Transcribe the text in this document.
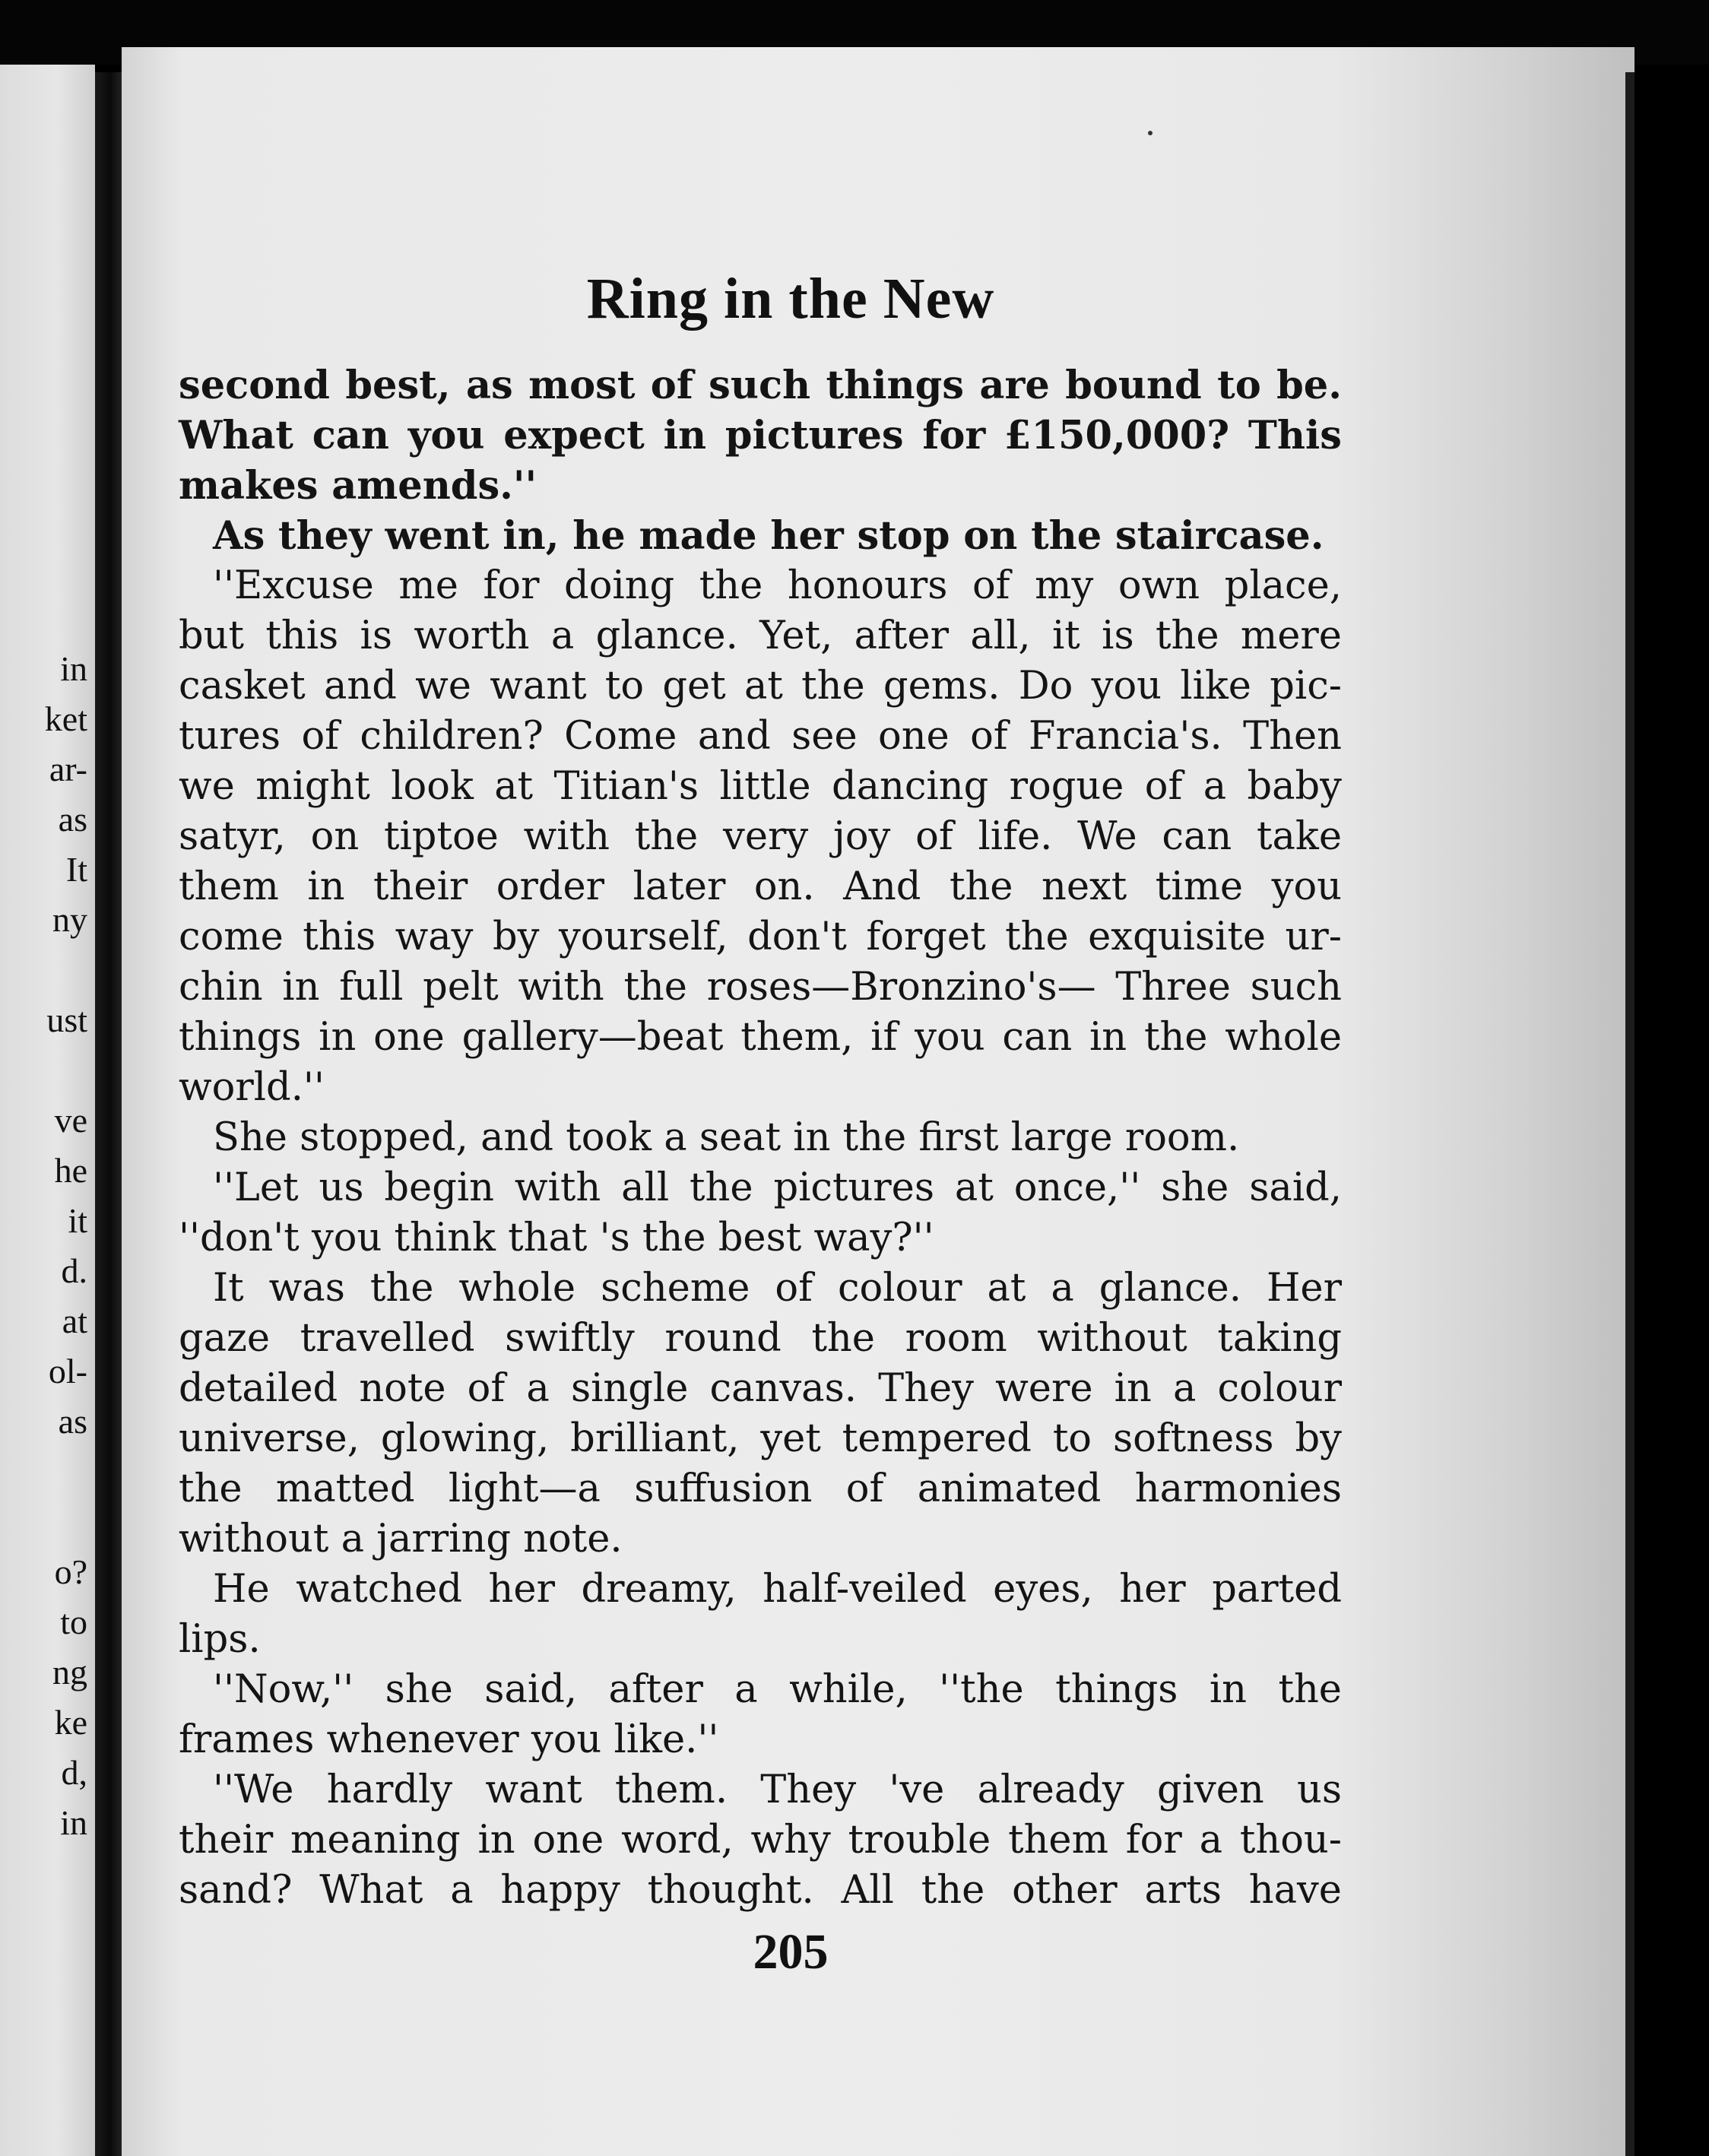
in
ket
ar-
as
It
ny
ust
ve
he
it
d.
at
ol-
as
o?
to
ng
ke
d,
in
Ring in the New
second best, as most of such things are bound to be.
What can you expect in pictures for £150,000? This
makes amends.''
As they went in, he made her stop on the staircase.
''Excuse me for doing the honours of my own place,
but this is worth a glance. Yet, after all, it is the mere
casket and we want to get at the gems. Do you like pic-
tures of children? Come and see one of Francia's. Then
we might look at Titian's little dancing rogue of a baby
satyr, on tiptoe with the very joy of life. We can take
them in their order later on. And the next time you
come this way by yourself, don't forget the exquisite ur-
chin in full pelt with the roses—Bronzino's— Three such
things in one gallery—beat them, if you can in the whole
world.''
She stopped, and took a seat in the first large room.
''Let us begin with all the pictures at once,'' she said,
''don't you think that 's the best way?''
It was the whole scheme of colour at a glance. Her
gaze travelled swiftly round the room without taking
detailed note of a single canvas. They were in a colour
universe, glowing, brilliant, yet tempered to softness by
the matted light—a suffusion of animated harmonies
without a jarring note.
He watched her dreamy, half-veiled eyes, her parted
lips.
''Now,'' she said, after a while, ''the things in the
frames whenever you like.''
''We hardly want them. They 've already given us
their meaning in one word, why trouble them for a thou-
sand? What a happy thought. All the other arts have
205
